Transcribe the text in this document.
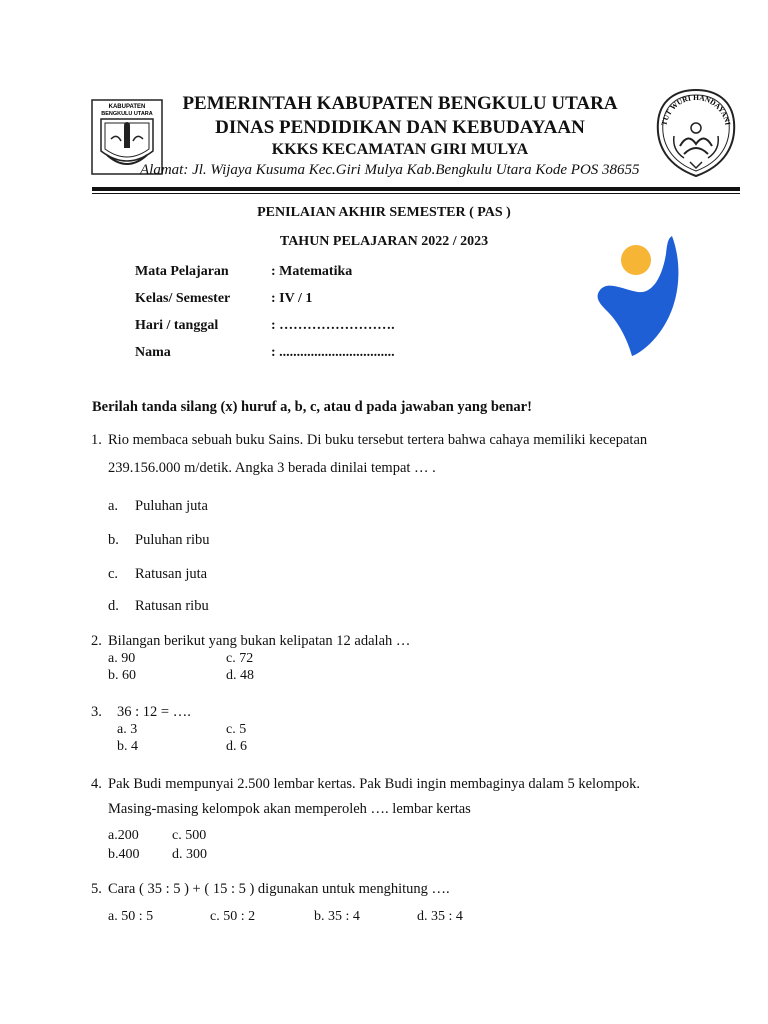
KABUPATEN
BENGKULU UTARA	PEMERINTAH KABUPATEN BENGKULU UTARA
DINAS PENDIDIKAN DAN KEBUDAYAAN
KKKS KECAMATAN GIRI MULYA
Alamat: Jl. Wijaya Kusuma Kec.Giri Mulya Kab.Bengkulu Utara Kode POS 38655
TUT WURI HANDAYANI
PENILAIAN AKHIR SEMESTER ( PAS )
TAHUN PELAJARAN 2022 / 2023
Mata Pelajaran	: Matematika
Kelas/ Semester	: IV / 1
Hari / tanggal	: …………………….
Nama	: .................................
Berilah tanda silang (x) huruf a, b, c, atau d pada jawaban yang benar!
1. Rio membaca sebuah buku Sains. Di buku tersebut tertera bahwa cahaya memiliki kecepatan
239.156.000 m/detik. Angka 3 berada dinilai tempat … .
a. Puluhan juta
b. Puluhan ribu
c. Ratusan juta
d. Ratusan ribu
2. Bilangan berikut yang bukan kelipatan 12 adalah …
a. 90	c. 72
b. 60	d. 48
3. 36 : 12 = ….
a. 3	c. 5
b. 4	d. 6
4. Pak Budi mempunyai 2.500 lembar kertas. Pak Budi ingin membaginya dalam 5 kelompok.
Masing-masing kelompok akan memperoleh …. lembar kertas
a.200 c. 500
b.400 d. 300
5. Cara ( 35 : 5 ) + ( 15 : 5 ) digunakan untuk menghitung ….
a. 50 : 5	c. 50 : 2	b. 35 : 4	d. 35 : 4
